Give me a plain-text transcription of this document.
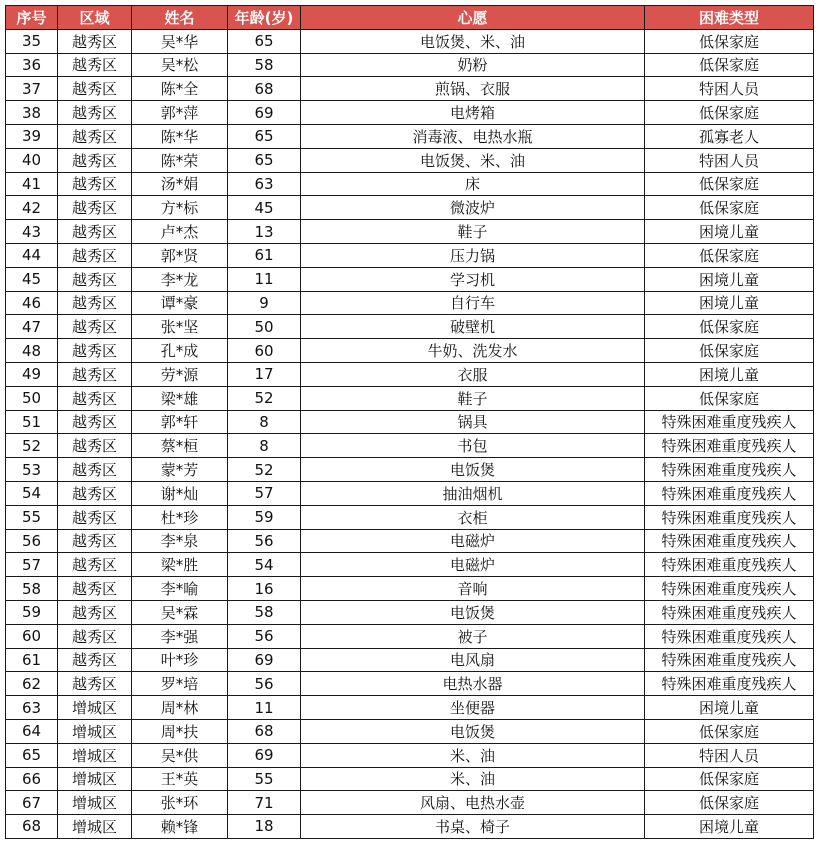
序号	区域	姓名	年龄(岁)	心愿	困难类型
35	越秀区	吴*华	65	电饭煲、米、油	低保家庭
36	越秀区	吴*松	58	奶粉	低保家庭
37	越秀区	陈*全	68	煎锅、衣服	特困人员
38	越秀区	郭*萍	69	电烤箱	低保家庭
39	越秀区	陈*华	65	消毒液、电热水瓶	孤寡老人
40	越秀区	陈*荣	65	电饭煲、米、油	特困人员
41	越秀区	汤*娟	63	床	低保家庭
42	越秀区	方*标	45	微波炉	低保家庭
43	越秀区	卢*杰	13	鞋子	困境儿童
44	越秀区	郭*贤	61	压力锅	低保家庭
45	越秀区	李*龙	11	学习机	困境儿童
46	越秀区	谭*豪	9	自行车	困境儿童
47	越秀区	张*坚	50	破壁机	低保家庭
48	越秀区	孔*成	60	牛奶、洗发水	低保家庭
49	越秀区	劳*源	17	衣服	困境儿童
50	越秀区	梁*雄	52	鞋子	低保家庭
51	越秀区	郭*轩	8	锅具	特殊困难重度残疾人
52	越秀区	蔡*桓	8	书包	特殊困难重度残疾人
53	越秀区	蒙*芳	52	电饭煲	特殊困难重度残疾人
54	越秀区	谢*灿	57	抽油烟机	特殊困难重度残疾人
55	越秀区	杜*珍	59	衣柜	特殊困难重度残疾人
56	越秀区	李*泉	56	电磁炉	特殊困难重度残疾人
57	越秀区	梁*胜	54	电磁炉	特殊困难重度残疾人
58	越秀区	李*喻	16	音响	特殊困难重度残疾人
59	越秀区	吴*霖	58	电饭煲	特殊困难重度残疾人
60	越秀区	李*强	56	被子	特殊困难重度残疾人
61	越秀区	叶*珍	69	电风扇	特殊困难重度残疾人
62	越秀区	罗*培	56	电热水器	特殊困难重度残疾人
63	增城区	周*林	11	坐便器	困境儿童
64	增城区	周*扶	68	电饭煲	低保家庭
65	增城区	吴*供	69	米、油	特困人员
66	增城区	王*英	55	米、油	低保家庭
67	增城区	张*环	71	风扇、电热水壶	低保家庭
68	增城区	赖*锋	18	书桌、椅子	困境儿童
